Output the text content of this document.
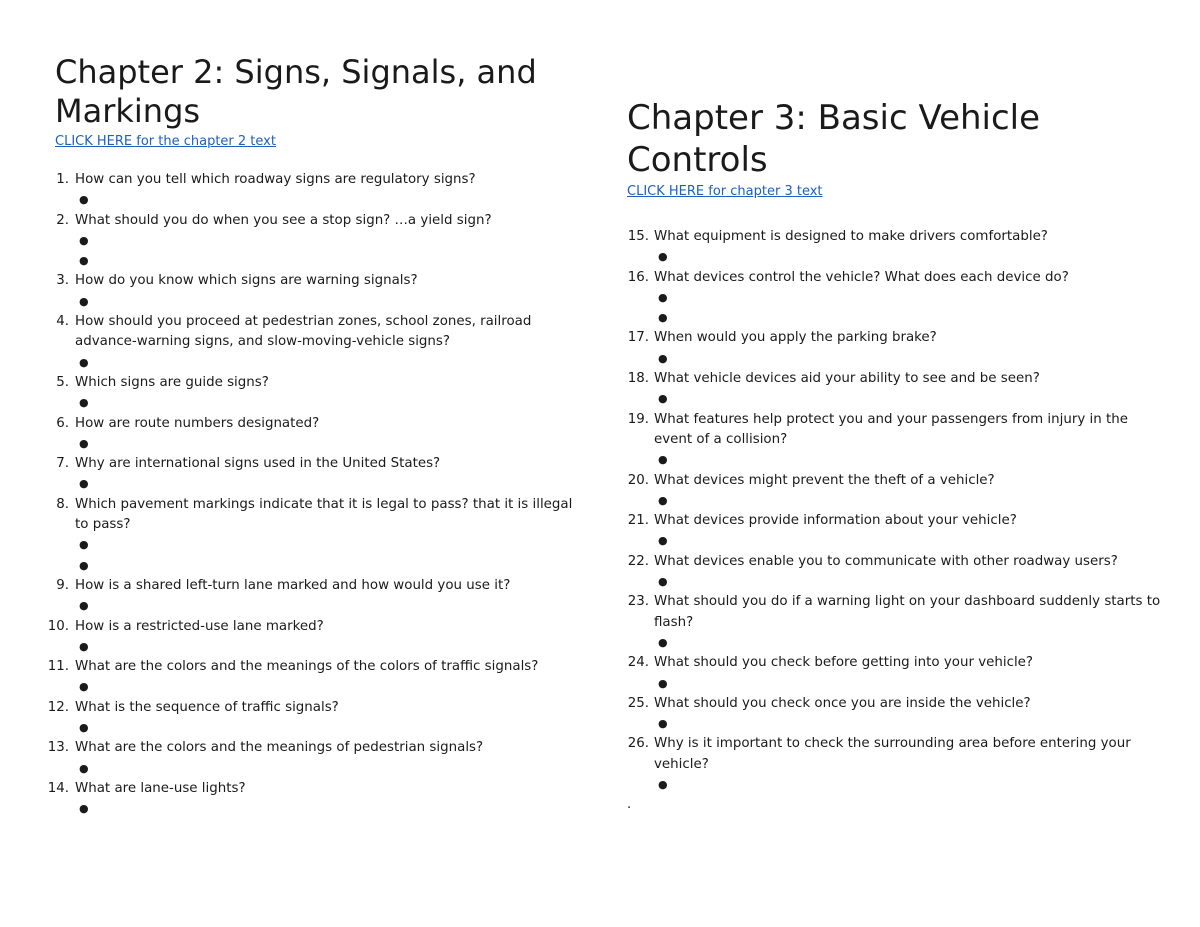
Chapter 2: Signs, Signals, and Markings
CLICK HERE for the chapter 2 text
1. How can you tell which roadway signs are regulatory signs?
●
2. What should you do when you see a stop sign? …a yield sign?
●
●
3. How do you know which signs are warning signals?
●
4. How should you proceed at pedestrian zones, school zones, railroad advance-warning signs, and slow-moving-vehicle signs?
●
5. Which signs are guide signs?
●
6. How are route numbers designated?
●
7. Why are international signs used in the United States?
●
8. Which pavement markings indicate that it is legal to pass? that it is illegal to pass?
●
●
9. How is a shared left-turn lane marked and how would you use it?
●
10. How is a restricted-use lane marked?
●
11. What are the colors and the meanings of the colors of traffic signals?
●
12. What is the sequence of traffic signals?
●
13. What are the colors and the meanings of pedestrian signals?
●
14. What are lane-use lights?
●
Chapter 3: Basic Vehicle Controls
CLICK HERE for chapter 3 text
15. What equipment is designed to make drivers comfortable?
●
16. What devices control the vehicle? What does each device do?
●
●
17. When would you apply the parking brake?
●
18. What vehicle devices aid your ability to see and be seen?
●
19. What features help protect you and your passengers from injury in the event of a collision?
●
20. What devices might prevent the theft of a vehicle?
●
21. What devices provide information about your vehicle?
●
22. What devices enable you to communicate with other roadway users?
●
23. What should you do if a warning light on your dashboard suddenly starts to flash?
●
24. What should you check before getting into your vehicle?
●
25. What should you check once you are inside the vehicle?
●
26. Why is it important to check the surrounding area before entering your vehicle?
●
.
